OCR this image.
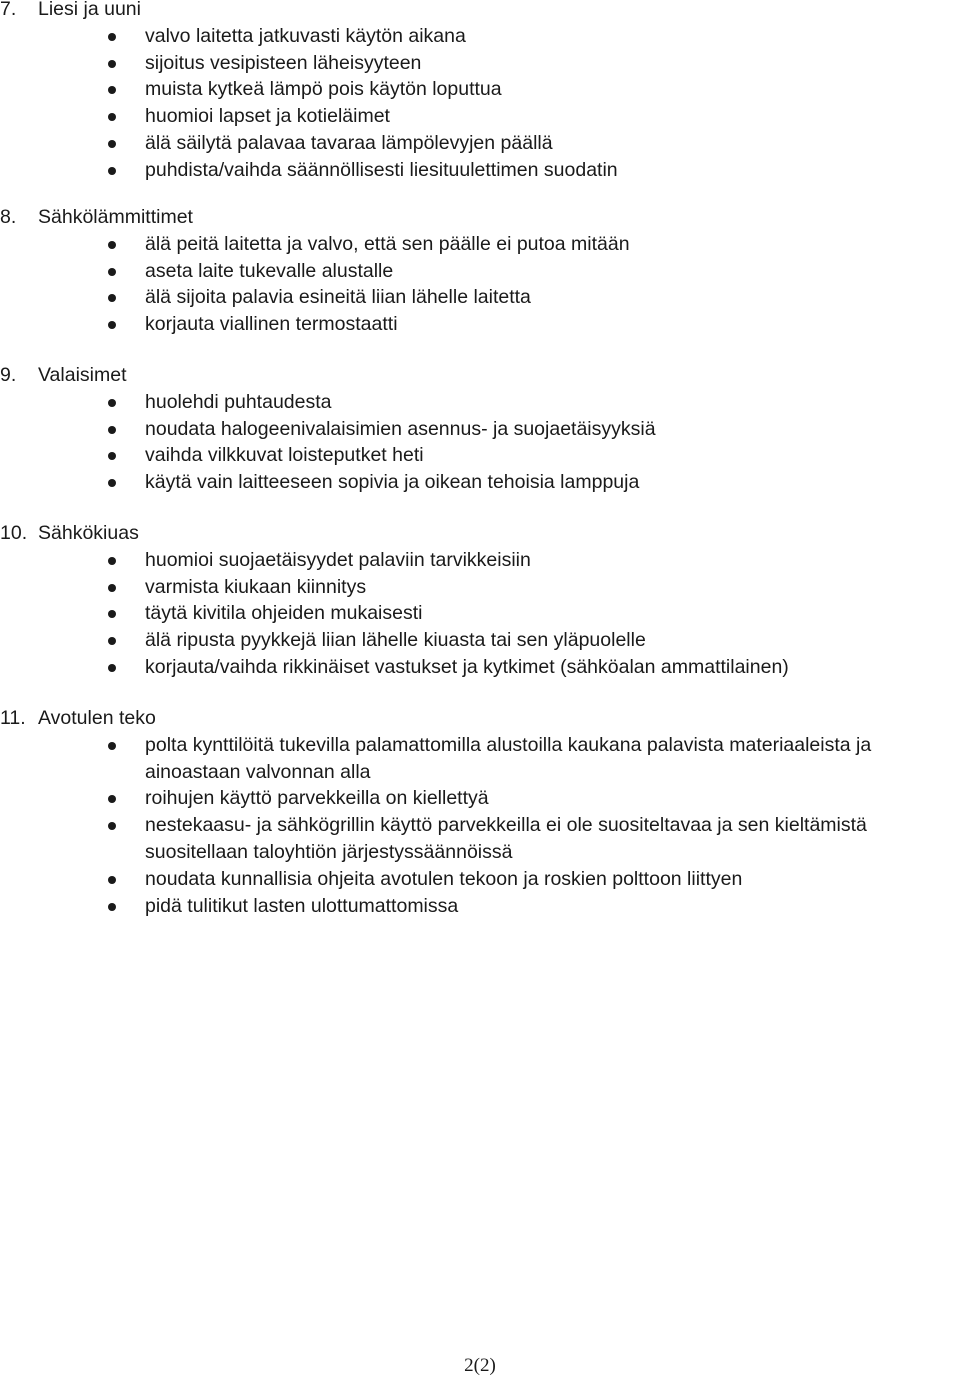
7.	Liesi ja uuni
valvo laitetta jatkuvasti käytön aikana
sijoitus vesipisteen läheisyyteen
muista kytkeä lämpö pois käytön loputtua
huomioi lapset ja kotieläimet
älä säilytä palavaa tavaraa lämpölevyjen päällä
puhdista/vaihda säännöllisesti liesituulettimen suodatin
8.	Sähkölämmittimet
älä peitä laitetta ja valvo, että sen päälle ei putoa mitään
aseta laite tukevalle alustalle
älä sijoita palavia esineitä liian lähelle laitetta
korjauta viallinen termostaatti
9.	Valaisimet
huolehdi puhtaudesta
noudata halogeenivalaisimien asennus- ja suojaetäisyyksiä
vaihda vilkkuvat loisteputket heti
käytä vain laitteeseen sopivia ja oikean tehoisia lamppuja
10. Sähkökiuas
huomioi suojaetäisyydet palaviin tarvikkeisiin
varmista kiukaan kiinnitys
täytä kivitila ohjeiden mukaisesti
älä ripusta pyykkejä liian lähelle kiuasta tai sen yläpuolelle
korjauta/vaihda rikkinäiset vastukset ja kytkimet (sähköalan ammattilainen)
11. Avotulen teko
polta kynttilöitä tukevilla palamattomilla alustoilla kaukana palavista materiaaleista ja ainoastaan valvonnan alla
roihujen käyttö parvekkeilla on kiellettyä
nestekaasu- ja sähkögrillin käyttö parvekkeilla ei ole suositeltavaa ja sen kieltämistä suositellaan taloyhtiön järjestyssäännöissä
noudata kunnallisia ohjeita avotulen tekoon ja roskien polttoon liittyen
pidä tulitikut lasten ulottumattomissa
2(2)
